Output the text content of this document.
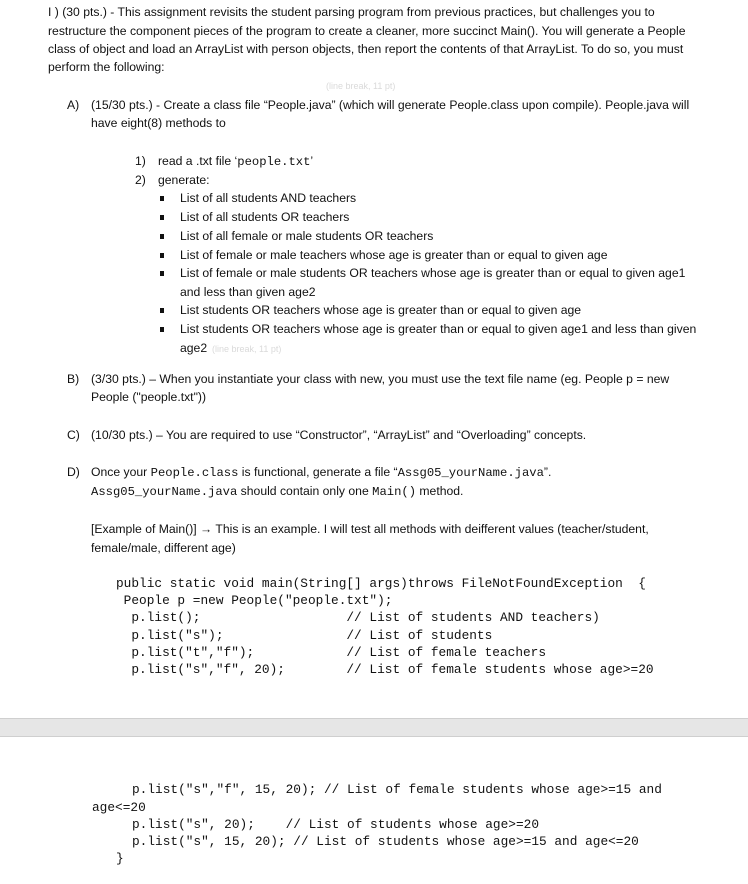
I ) (30 pts.) - This assignment revisits the student parsing program from previous practices, but challenges you to
restructure the component pieces of the program to create a cleaner, more succinct Main(). You will generate a People
class of object and load an ArrayList with person objects, then report the contents of that ArrayList. To do so, you must
perform the following:
(line break, 11 pt)
A) (15/30 pts.) - Create a class file “People.java” (which will generate People.class upon compile). People.java will
have eight(8) methods to
1) read a .txt file ‘people.txt’
2) generate:
List of all students AND teachers
List of all students OR teachers
List of all female or male students OR teachers
List of female or male teachers whose age is greater than or equal to given age
List of female or male students OR teachers whose age is greater than or equal to given age1
and less than given age2
List students OR teachers whose age is greater than or equal to given age
List students OR teachers whose age is greater than or equal to given age1 and less than given
age2 (line break, 11 pt)
B) (3/30 pts.) – When you instantiate your class with new, you must use the text file name (eg. People p = new
People ("people.txt"))
C) (10/30 pts.) – You are required to use “Constructor”, “ArrayList” and “Overloading” concepts.
D) Once your People.class is functional, generate a file “Assg05_yourName.java”.
Assg05_yourName.java should contain only one Main() method.
[Example of Main()] → This is an example. I will test all methods with deifferent values (teacher/student,
female/male, different age)
public static void main(String[] args)throws FileNotFoundException  {
People p =new People("people.txt");
p.list();                   // List of students AND teachers)
p.list("s");                // List of students
p.list("t","f");            // List of female teachers
p.list("s","f", 20);        // List of female students whose age>=20
p.list("s","f", 15, 20); // List of female students whose age>=15 and
age<=20
p.list("s", 20);    // List of students whose age>=20
p.list("s", 15, 20); // List of students whose age>=15 and age<=20
}
